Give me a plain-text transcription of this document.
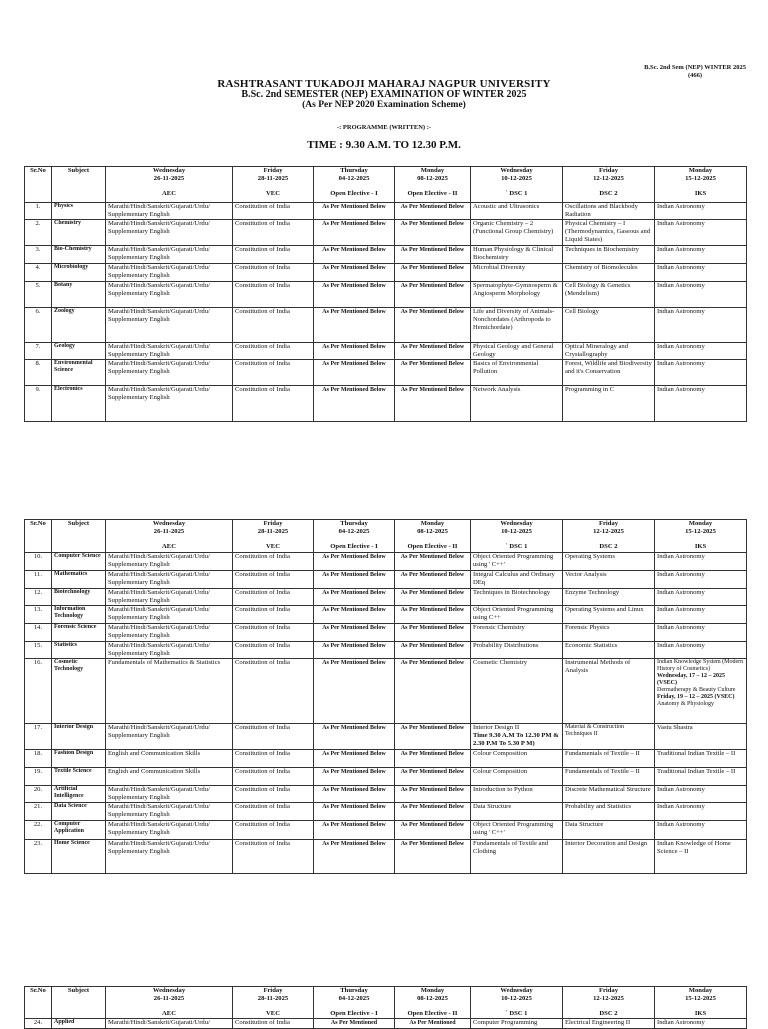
B.Sc. 2nd Sem (NEP) WINTER 2025
(466)
RASHTRASANT TUKADOJI MAHARAJ NAGPUR UNIVERSITY
B.Sc. 2nd SEMESTER (NEP) EXAMINATION OF WINTER 2025
(As Per NEP 2020 Examination Scheme)
-: PROGRAMME (WRITTEN) :-
TIME : 9.30 A.M. TO 12.30 P.M.
Sr.No	Subject	Wednesday
26-11-2025
AEC	Friday
28-11-2025
VEC	Thursday
04-12-2025
Open Elective - I	Monday
08-12-2025
Open Elective - II	Wednesday
10-12-2025
` DSC 1	Friday
12-12-2025
DSC 2	Monday
15-12-2025
IKS

1.	Physics	Marathi/Hindi/Sanskrit/Gujarati/Urdu/ Supplementary English	Constitution of India	As Per Mentioned Below	As Per Mentioned Below	Acoustic and Ultrasonics	Oscillations and Blackbody Radiation	Indian Astronomy
2.	Chemistry	Marathi/Hindi/Sanskrit/Gujarati/Urdu/ Supplementary English	Constitution of India	As Per Mentioned Below	As Per Mentioned Below	Organic Chemistry – 2 (Functional Group Chemistry)	Physical Chemistry – I (Thermodynamics, Gaseous and Liquid States)	Indian Astronomy
3.	Bio-Chemistry	Marathi/Hindi/Sanskrit/Gujarati/Urdu/ Supplementary English	Constitution of India	As Per Mentioned Below	As Per Mentioned Below	Human Physiology & Clinical Biochemistry	Techniques in Biochemistry	Indian Astronomy
4.	Microbiology	Marathi/Hindi/Sanskrit/Gujarati/Urdu/ Supplementary English	Constitution of India	As Per Mentioned Below	As Per Mentioned Below	Microbial Diversity	Chemistry of Biomolecules	Indian Astronomy
5.	Botany	Marathi/Hindi/Sanskrit/Gujarati/Urdu/ Supplementary English	Constitution of India	As Per Mentioned Below	As Per Mentioned Below	Spermatophyte-Gymnosperm & Angiosperm Morphology	Cell Biology & Genetics (Mendelism)	Indian Astronomy
6.	Zoology	Marathi/Hindi/Sanskrit/Gujarati/Urdu/ Supplementary English	Constitution of India	As Per Mentioned Below	As Per Mentioned Below	Life and Diversity of Animals- Nonchordates (Arthropoda to Hemichordate)	Cell Biology	Indian Astronomy
7.	Geology	Marathi/Hindi/Sanskrit/Gujarati/Urdu/ Supplementary English	Constitution of India	As Per Mentioned Below	As Per Mentioned Below	Physical Geology and General Geology	Optical Mineralogy and Crystallography	Indian Astronomy
8.	Environmental Science	Marathi/Hindi/Sanskrit/Gujarati/Urdu/ Supplementary English	Constitution of India	As Per Mentioned Below	As Per Mentioned Below	Basics of Environmental Pollution	Forest, Wildlife and Biodiversity and it's Conservation	Indian Astronomy
9.	Electronics	Marathi/Hindi/Sanskrit/Gujarati/Urdu/ Supplementary English	Constitution of India	As Per Mentioned Below	As Per Mentioned Below	Network Analysis	Programming in C	Indian Astronomy
Sr.No	Subject	Wednesday
26-11-2025
AEC	Friday
28-11-2025
VEC	Thursday
04-12-2025
Open Elective - I	Monday
08-12-2025
Open Elective - II	Wednesday
10-12-2025
` DSC 1	Friday
12-12-2025
DSC 2	Monday
15-12-2025
IKS

10.	Computer Science	Marathi/Hindi/Sanskrit/Gujarati/Urdu/ Supplementary English	Constitution of India	As Per Mentioned Below	As Per Mentioned Below	Object Oriented Programming using ' C++'	Operating Systems	Indian Astronomy
11.	Mathematics	Marathi/Hindi/Sanskrit/Gujarati/Urdu/ Supplementary English	Constitution of India	As Per Mentioned Below	As Per Mentioned Below	Integral Calculus and Ordinary DEq	Vector Analysis	Indian Astronomy
12.	Biotechnology	Marathi/Hindi/Sanskrit/Gujarati/Urdu/ Supplementary English	Constitution of India	As Per Mentioned Below	As Per Mentioned Below	Techniques in Biotechnology	Enzyme Technology	Indian Astronomy
13.	Information Technology	Marathi/Hindi/Sanskrit/Gujarati/Urdu/ Supplementary English	Constitution of India	As Per Mentioned Below	As Per Mentioned Below	Object Oriented Programming using C++	Operating Systems and Linux	Indian Astronomy
14.	Forensic Science	Marathi/Hindi/Sanskrit/Gujarati/Urdu/ Supplementary English	Constitution of India	As Per Mentioned Below	As Per Mentioned Below	Forensic Chemistry	Forensic Physics	Indian Astronomy
15.	Statistics	Marathi/Hindi/Sanskrit/Gujarati/Urdu/ Supplementary English	Constitution of India	As Per Mentioned Below	As Per Mentioned Below	Probability Distributions	Economic Statistics	Indian Astronomy
16.	Cosmetic Technology	Fundamentals of Mathematics & Statistics	Constitution of India	As Per Mentioned Below	As Per Mentioned Below	Cosmetic Chemistry	Instrumental Methods of Analysis	Indian Knowledge System (Modern History of Cosmetics)
Wednesday, 17 – 12 – 2025 (VSEC)
Dermatherapy & Beauty Culture
Friday, 19 – 12 – 2025 (VSEC)
Anatomy & Physiology

17.	Interior Design	Marathi/Hindi/Sanskrit/Gujarati/Urdu/ Supplementary English	Constitution of India	As Per Mentioned Below	As Per Mentioned Below	Interior Design II
Time 9.30 A.M To 12.30 PM & 2.30 P.M To 5.30 P M)	Material & Construction Techniques II	Vastu Shastra
18.	Fashion Design	English and Communication Skills	Constitution of India	As Per Mentioned Below	As Per Mentioned Below	Colour Composition	Fundamentals of Textile – II	Traditional Indian Textile – II
19.	Textile Science	English and Communication Skills	Constitution of India	As Per Mentioned Below	As Per Mentioned Below	Colour Composition	Fundamentals of Textile – II	Traditional Indian Textile – II
20.	Artificial Intelligence	Marathi/Hindi/Sanskrit/Gujarati/Urdu/ Supplementary English	Constitution of India	As Per Mentioned Below	As Per Mentioned Below	Introduction to Python	Discrete Mathematical Structure	Indian Astronomy
21.	Data Science	Marathi/Hindi/Sanskrit/Gujarati/Urdu/ Supplementary English	Constitution of India	As Per Mentioned Below	As Per Mentioned Below	Data Structure	Probability and Statistics	Indian Astronomy
22.	Computer Application	Marathi/Hindi/Sanskrit/Gujarati/Urdu/ Supplementary English	Constitution of India	As Per Mentioned Below	As Per Mentioned Below	Object Oriented Programming using ' C++'	Data Structure	Indian Astronomy
23.	Home Science	Marathi/Hindi/Sanskrit/Gujarati/Urdu/ Supplementary English	Constitution of India	As Per Mentioned Below	As Per Mentioned Below	Fundamentals of Textile and Clothing	Interior Decoration and Design	Indian Knowledge of Home Science – II
Sr.No	Subject	Wednesday
26-11-2025
AEC	Friday
28-11-2025
VEC	Thursday
04-12-2025
Open Elective - I	Monday
08-12-2025
Open Elective - II	Wednesday
10-12-2025
` DSC 1	Friday
12-12-2025
DSC 2	Monday
15-12-2025
IKS

24.	Applied	Marathi/Hindi/Sanskrit/Gujarati/Urdu/	Constitution of India	As Per Mentioned	As Per Mentioned	Computer Programming	Electrical Engineering II	Indian Astronomy
